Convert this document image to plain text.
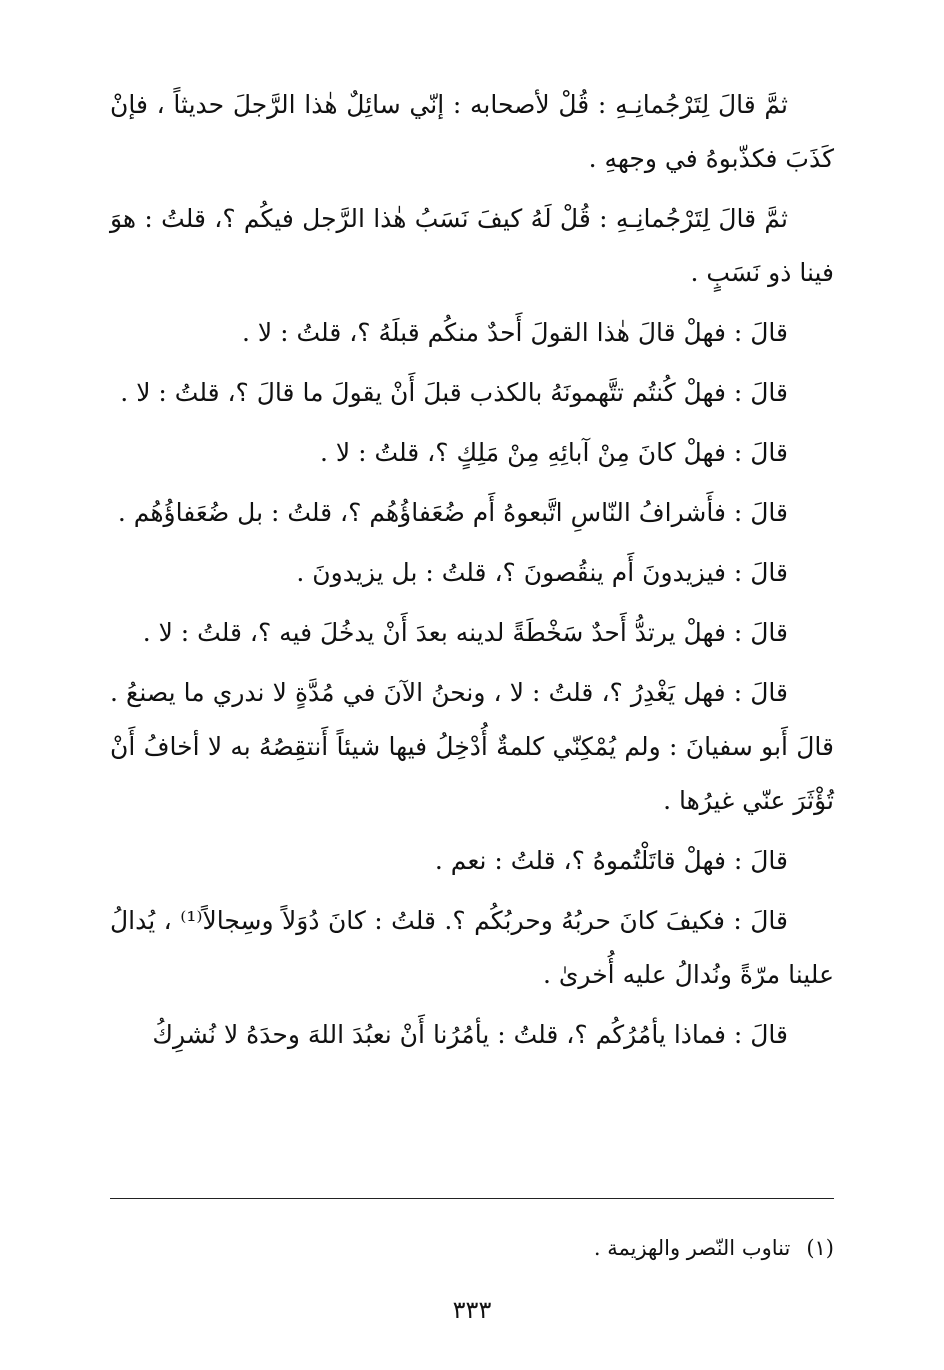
ثمَّ قالَ لِتَرْجُمانِـهِ : قُلْ لأصحابه : إنّي سائِلٌ هٰذا الرَّجلَ حديثاً ، فإنْ كَذَبَ فكذّبوهُ في وجههِ .

ثمَّ قالَ لِتَرْجُمانِـهِ : قُلْ لَهُ كيفَ نَسَبُ هٰذا الرَّجل فيكُم ؟، قلتُ : هوَ فينا ذو نَسَبٍ .

قالَ : فهلْ قالَ هٰذا القولَ أَحدٌ منكُم قبلَهُ ؟، قلتُ : لا .

قالَ : فهلْ كُنتُم تتَّهمونَهُ بالكذب قبلَ أَنْ يقولَ ما قالَ ؟، قلتُ : لا .

قالَ : فهلْ كانَ مِنْ آبائِهِ مِنْ مَلِكٍ ؟، قلتُ : لا .

قالَ : فأَشرافُ النّاسِ اتَّبعوهُ أَم ضُعَفاؤُهُم ؟، قلتُ : بل ضُعَفاؤُهُم .

قالَ : فيزيدونَ أَم ينقُصونَ ؟، قلتُ : بل يزيدونَ .

قالَ : فهلْ يرتدُّ أَحدٌ سَخْطَةً لدينه بعدَ أَنْ يدخُلَ فيه ؟، قلتُ : لا .

قالَ : فهل يَغْدِرُ ؟، قلتُ : لا ، ونحنُ الآنَ في مُدَّةٍ لا ندري ما يصنعُ . قالَ أَبو سفيانَ : ولم يُمْكِنّي كلمةٌ أُدْخِلُ فيها شيئاً أَنتقِصُهُ به لا أخافُ أَنْ تُؤْثَرَ عنّي غيرُها .

قالَ : فهلْ قاتَلْتُموهُ ؟، قلتُ : نعم .

قالَ : فكيفَ كانَ حربُهُ وحربُكُم ؟. قلتُ : كانَ دُوَلاً وسِجالاً⁽¹⁾ ، يُدالُ علينا مرّةً ونُدالُ عليه أُخرىٰ .

قالَ : فماذا يأمُرُكُم ؟، قلتُ : يأمُرُنا أَنْ نعبُدَ اللهَ وحدَهُ لا نُشرِكُ

(١)تناوب النّصر والهزيمة .
٣٣٣
